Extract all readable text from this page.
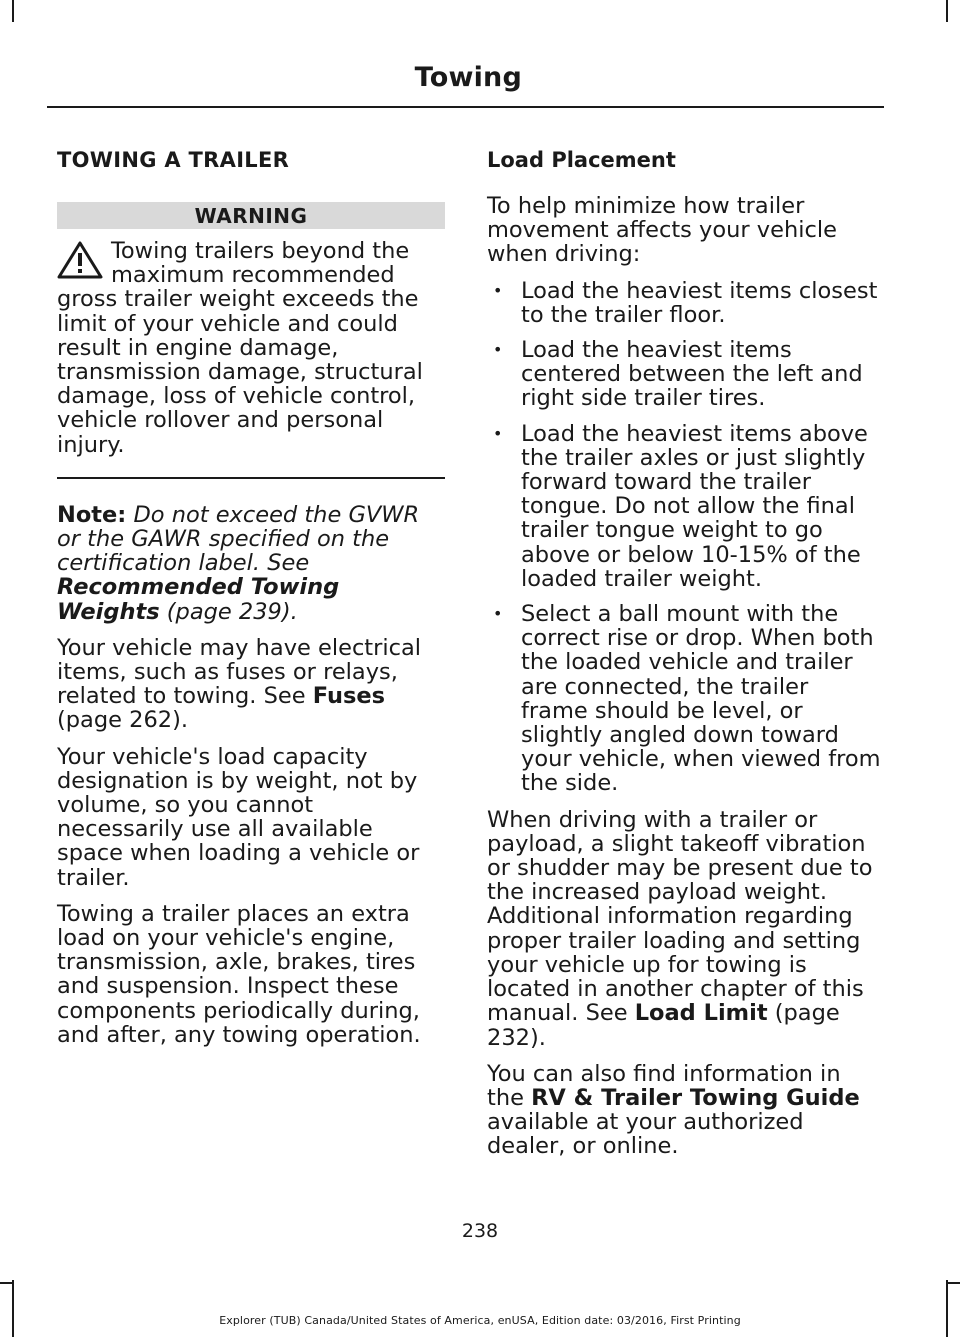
Towing
TOWING A TRAILER
WARNING
Towing trailers beyond the maximum recommended gross trailer weight exceeds the limit of your vehicle and could result in engine damage, transmission damage, structural damage, loss of vehicle control, vehicle rollover and personal injury.

Note: Do not exceed the GVWR or the GAWR specified on the certification label. See Recommended Towing Weights (page 239).

Your vehicle may have electrical items, such as fuses or relays, related to towing. See Fuses (page 262).

Your vehicle's load capacity designation is by weight, not by volume, so you cannot necessarily use all available space when loading a vehicle or trailer.

Towing a trailer places an extra load on your vehicle's engine, transmission, axle, brakes, tires and suspension. Inspect these components periodically during, and after, any towing operation.

Load Placement

To help minimize how trailer movement affects your vehicle when driving:

• Load the heaviest items closest to the trailer floor.
• Load the heaviest items centered between the left and right side trailer tires.
• Load the heaviest items above the trailer axles or just slightly forward toward the trailer tongue. Do not allow the final trailer tongue weight to go above or below 10-15% of the loaded trailer weight.
• Select a ball mount with the correct rise or drop. When both the loaded vehicle and trailer are connected, the trailer frame should be level, or slightly angled down toward your vehicle, when viewed from the side.

When driving with a trailer or payload, a slight takeoff vibration or shudder may be present due to the increased payload weight. Additional information regarding proper trailer loading and setting your vehicle up for towing is located in another chapter of this manual. See Load Limit (page 232).

You can also find information in the RV & Trailer Towing Guide available at your authorized dealer, or online.

238
Explorer (TUB) Canada/United States of America, enUSA, Edition date: 03/2016, First Printing
